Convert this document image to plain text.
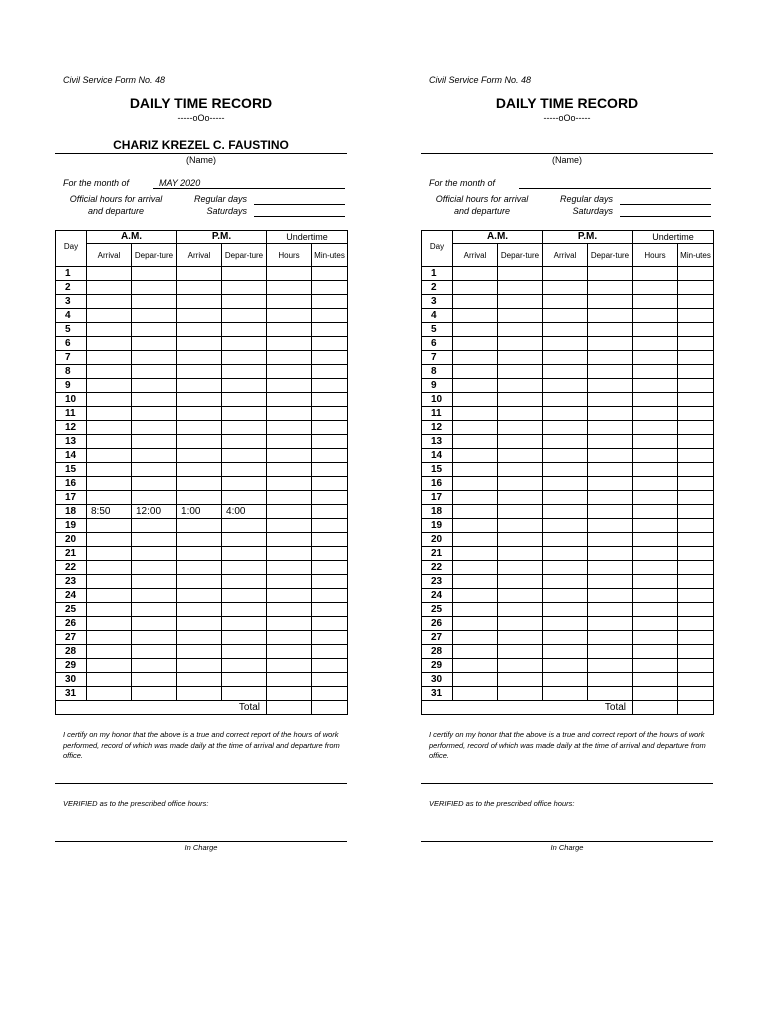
Civil Service Form No. 48
DAILY TIME RECORD
-----oOo-----
CHARIZ KREZEL C. FAUSTINO
(Name)
For the month of	MAY 2020
Official hours for arrival
and departure
Regular days
Saturdays
Day	A.M.		P.M.		Undertime	
	Arrival	Depar-ture	Arrival	Depar-ture	Hours	Min-utes
1						
2						
3						
4						
5						
6						
7						
8						
9						
10						
11						
12						
13						
14						
15						
16						
17						
18	8:50	12:00	1:00	4:00		
19						
20						
21						
22						
23						
24						
25						
26						
27						
28						
29						
30						
31						
Total						
I certify on my honor that the above is a true and correct report of the hours of work performed, record of which was made daily at the time of arrival and departure from office.
VERIFIED as to the prescribed office hours:
In Charge
Civil Service Form No. 48
DAILY TIME RECORD
-----oOo-----
(Name)
For the month of
Official hours for arrival
and departure
Regular days
Saturdays
Day	A.M.		P.M.		Undertime	
	Arrival	Depar-ture	Arrival	Depar-ture	Hours	Min-utes
1						
2						
3						
4						
5						
6						
7						
8						
9						
10						
11						
12						
13						
14						
15						
16						
17						
18						
19						
20						
21						
22						
23						
24						
25						
26						
27						
28						
29						
30						
31						
Total						
I certify on my honor that the above is a true and correct report of the hours of work performed, record of which was made daily at the time of arrival and departure from office.
VERIFIED as to the prescribed office hours:
In Charge
